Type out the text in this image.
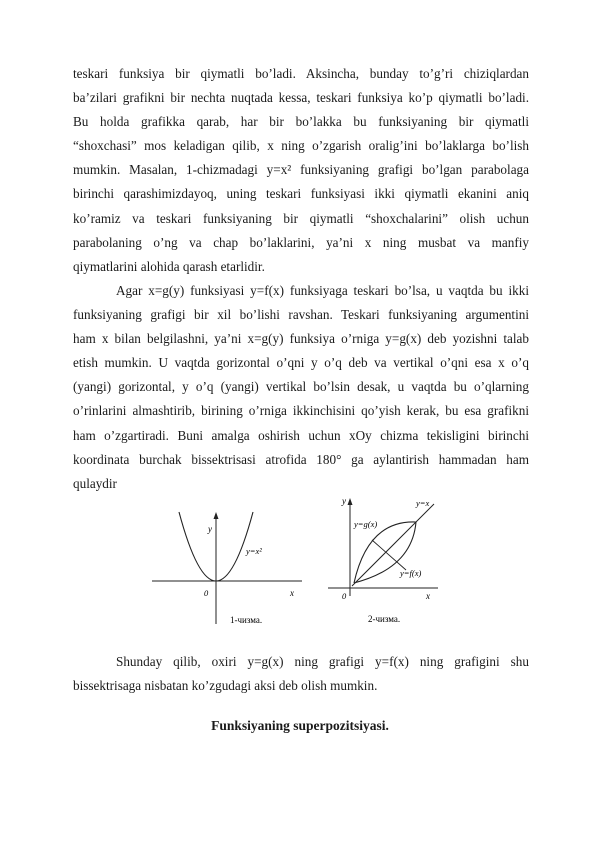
teskari funksiya bir qiymatli bo’ladi. Aksincha, bunday to’g’ri chiziqlardan
ba’zilari grafikni bir nechta nuqtada kessa, teskari funksiya ko’p qiymatli bo’ladi.
Bu holda grafikka qarab, har bir bo’lakka bu funksiyaning bir qiymatli
“shoxchasi” mos keladigan qilib, x ning o’zgarish oralig’ini bo’laklarga bo’lish
mumkin. Masalan, 1-chizmadagi y=x² funksiyaning grafigi bo’lgan parabolaga
birinchi qarashimizdayoq, uning teskari funksiyasi ikki qiymatli ekanini aniq
ko’ramiz va teskari funksiyaning bir qiymatli “shoxchalarini” olish uchun
parabolaning o’ng va chap bo’laklarini, ya’ni x ning musbat va manfiy
qiymatlarini alohida qarash etarlidir.
Agar x=g(y) funksiyasi y=f(x) funksiyaga teskari bo’lsa, u vaqtda bu ikki
funksiyaning grafigi bir xil bo’lishi ravshan. Teskari funksiyaning argumentini
ham x bilan belgilashni, ya’ni x=g(y) funksiya o’rniga y=g(x) deb yozishni talab
etish mumkin. U vaqtda gorizontal o’qni y o’q deb va vertikal o’qni esa x o’q
(yangi) gorizontal, y o’q (yangi) vertikal bo’lsin desak, u vaqtda bu o’qlarning
o’rinlarini almashtirib, birining o’rniga ikkinchisini qo’yish kerak, bu esa grafikni
ham o’zgartiradi. Buni amalga oshirish uchun xOy chizma tekisligini birinchi
koordinata burchak bissektrisasi atrofida 180° ga aylantirish hammadan ham
qulaydir
y
y=x²
0	x
1-чизма.
y	y=x
y=g(x)
y=f(x)
0	x
2-чизма.
Shunday qilib, oxiri y=g(x) ning grafigi y=f(x) ning grafigini shu
bissektrisaga nisbatan ko’zgudagi aksi deb olish mumkin.
Funksiyaning superpozitsiyasi.
